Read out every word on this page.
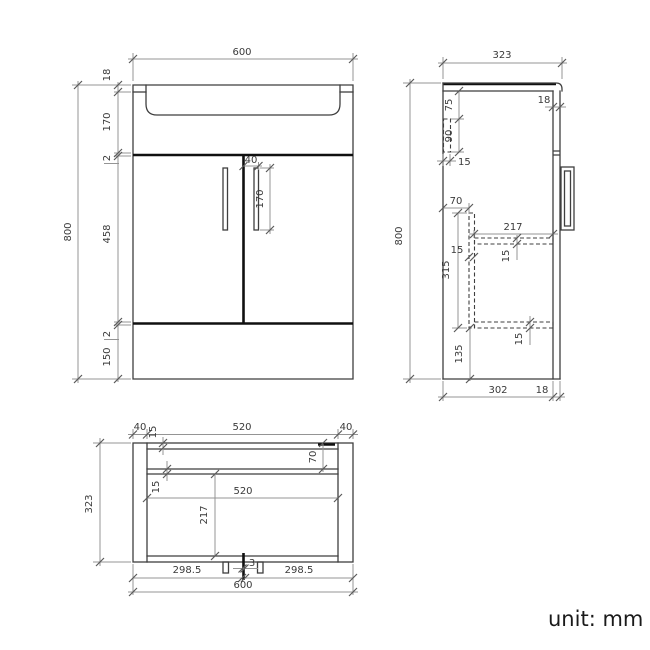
600
800
18
170
2
458
2
150
40
170
323
800
18
75
90
15
70
315
15
217
15
15
135
302	18
40	520	40
15
70
15	520
217
323
3
298.5	298.5
600
unit: mm
